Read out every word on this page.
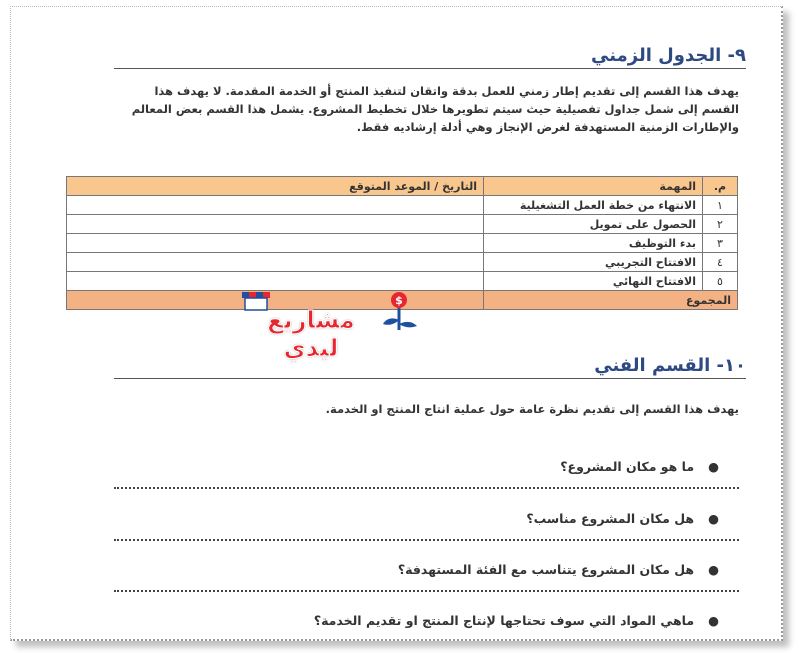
٩- الجدول الزمني
يهدف هذا القسم إلى تقديم إطار زمني للعمل بدقة واتقان لتنفيذ المنتج أو الخدمة المقدمة. لا يهدف هذا القسم إلى شمل جداول تفصيلية حيث سيتم تطويرها خلال تخطيط المشروع. يشمل هذا القسم بعض المعالم والإطارات الزمنية المستهدفة لغرض الإنجاز وهي أدلة إرشاديه فقط.
م.	المهمة	التاريخ / الموعد المتوقع
١	الانتهاء من خطة العمل التشغيلية	
٢	الحصول على تمويل	
٣	بدء التوظيف	
٤	الافتتاح التجريبي	
٥	الافتتاح النهائي	
المجموع		
مشاريع ليدي
$
١٠- القسم الفني
يهدف هذا القسم إلى تقديم نظرة عامة حول عملية انتاج المنتج او الخدمة.
●ما هو مكان المشروع؟
●هل مكان المشروع مناسب؟
●هل مكان المشروع يتناسب مع الفئة المستهدفة؟
●ماهي المواد التي سوف تحتاجها لإنتاج المنتج او تقديم الخدمة؟
